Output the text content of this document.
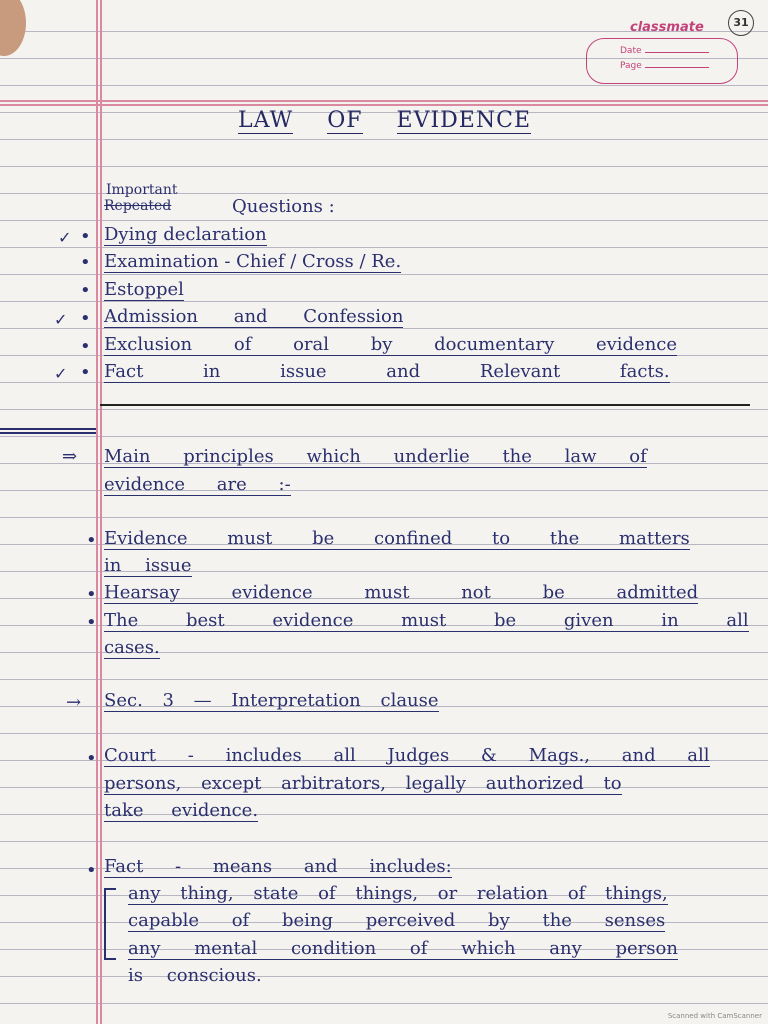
31
classmate
Date
Page
LAW OF EVIDENCE
Important
Repeated	Questions :
✓ • Dying declaration
• Examination - Chief / Cross / Re.
• Estoppel
✓ • Admission and Confession
• Exclusion of oral by documentary evidence
✓ • Fact in issue and Relevant facts.
⇒ Main principles which underlie the law of
evidence are :-
• Evidence must be confined to the matters
in issue
• Hearsay evidence must not be admitted
• The best evidence must be given in all
cases.
→ Sec. 3 — Interpretation clause
• Court - includes all Judges & Mags., and all
persons, except arbitrators, legally authorized to
take evidence.
• Fact - means and includes:
any thing, state of things, or relation of things,
capable of being perceived by the senses
any mental condition of which any person
is conscious.
Scanned with CamScanner
